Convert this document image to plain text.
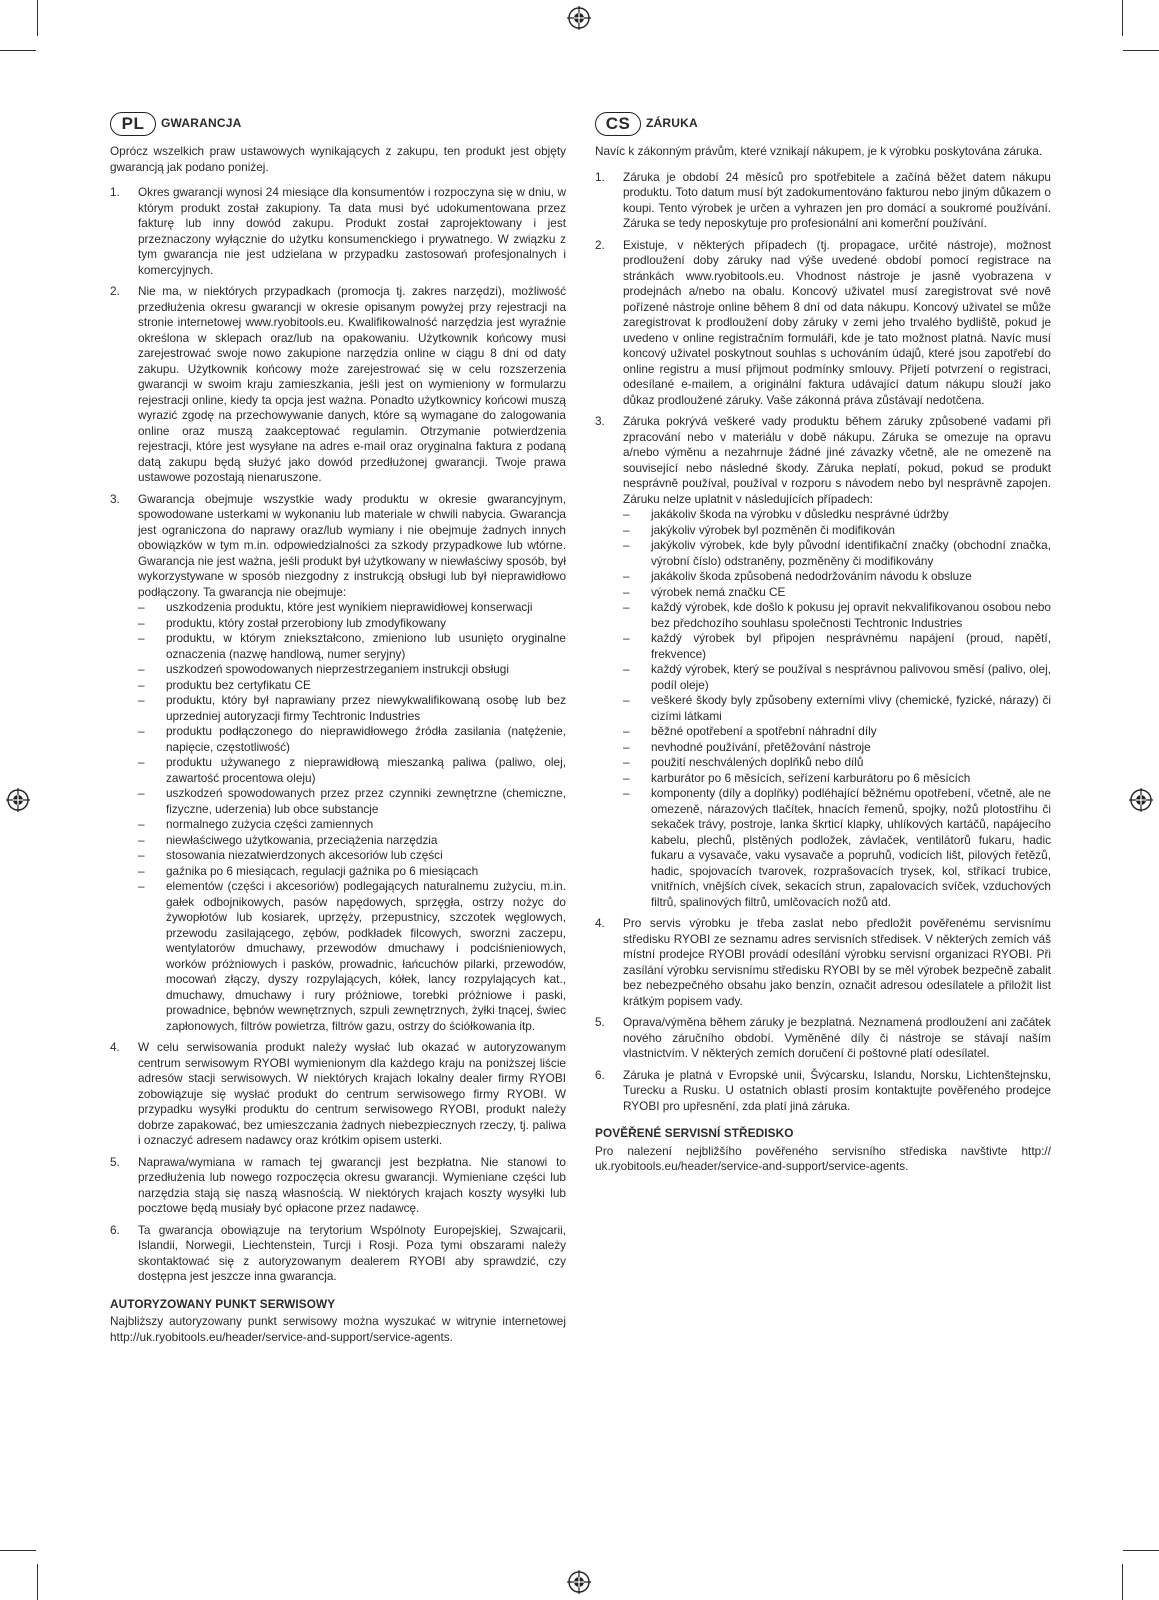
PL	GWARANCJA
Oprócz wszelkich praw ustawowych wynikających z zakupu, ten produkt jest objęty gwarancją jak podano poniżej.
1. Okres gwarancji wynosi 24 miesiące dla konsumentów i rozpoczyna się w dniu, w którym produkt został zakupiony. Ta data musi być udokumentowana przez fakturę lub inny dowód zakupu. Produkt został zaprojektowany i jest przeznaczony wyłącznie do użytku konsumenckiego i prywatnego. W związku z tym gwarancja nie jest udzielana w przypadku zastosowań profesjonalnych i komercyjnych.
2. Nie ma, w niektórych przypadkach (promocja tj. zakres narzędzi), możliwość przedłużenia okresu gwarancji w okresie opisanym powyżej przy rejestracji na stronie internetowej www.ryobitools.eu. Kwalifikowalność narzędzia jest wyraźnie określona w sklepach oraz/lub na opakowaniu. Użytkownik końcowy musi zarejestrować swoje nowo zakupione narzędzia online w ciągu 8 dni od daty zakupu. Użytkownik końcowy może zarejestrować się w celu rozszerzenia gwarancji w swoim kraju zamieszkania, jeśli jest on wymieniony w formularzu rejestracji online, kiedy ta opcja jest ważna. Ponadto użytkownicy końcowi muszą wyrazić zgodę na przechowywanie danych, które są wymagane do zalogowania online oraz muszą zaakceptować regulamin. Otrzymanie potwierdzenia rejestracji, które jest wysyłane na adres e-mail oraz oryginalna faktura z podaną datą zakupu będą służyć jako dowód przedłużonej gwarancji. Twoje prawa ustawowe pozostają nienaruszone.
3. Gwarancja obejmuje wszystkie wady produktu w okresie gwarancyjnym, spowodowane usterkami w wykonaniu lub materiale w chwili nabycia. Gwarancja jest ograniczona do naprawy oraz/lub wymiany i nie obejmuje żadnych innych obowiązków w tym m.in. odpowiedzialności za szkody przypadkowe lub wtórne. Gwarancja nie jest ważna, jeśli produkt był użytkowany w niewłaściwy sposób, był wykorzystywane w sposób niezgodny z instrukcją obsługi lub był nieprawidłowo podłączony. Ta gwarancja nie obejmuje:
– uszkodzenia produktu, które jest wynikiem nieprawidłowej konserwacji
– produktu, który został przerobiony lub zmodyfikowany
– produktu, w którym zniekształcono, zmieniono lub usunięto oryginalne oznaczenia (nazwę handlową, numer seryjny)
– uszkodzeń spowodowanych nieprzestrzeganiem instrukcji obsługi
– produktu bez certyfikatu CE
– produktu, który był naprawiany przez niewykwalifikowaną osobę lub bez uprzedniej autoryzacji firmy Techtronic Industries
– produktu podłączonego do nieprawidłowego źródła zasilania (natężenie, napięcie, częstotliwość)
– produktu używanego z nieprawidłową mieszanką paliwa (paliwo, olej, zawartość procentowa oleju)
– uszkodzeń spowodowanych przez przez czynniki zewnętrzne (chemiczne, fizyczne, uderzenia) lub obce substancje
– normalnego zużycia części zamiennych
– niewłaściwego użytkowania, przeciążenia narzędzia
– stosowania niezatwierdzonych akcesoriów lub części
– gaźnika po 6 miesiącach, regulacji gaźnika po 6 miesiącach
– elementów (części i akcesoriów) podlegających naturalnemu zużyciu, m.in. gałek odbojnikowych, pasów napędowych, sprzęgła, ostrzy nożyc do żywopłotów lub kosiarek, uprzęży, przepustnicy, szczotek węglowych, przewodu zasilającego, zębów, podkładek filcowych, sworzni zaczepu, wentylatorów dmuchawy, przewodów dmuchawy i podciśnieniowych, worków próżniowych i pasków, prowadnic, łańcuchów pilarki, przewodów, mocowań złączy, dyszy rozpylających, kółek, lancy rozpylających kat., dmuchawy, dmuchawy i rury próżniowe, torebki próżniowe i paski, prowadnice, bębnów wewnętrznych, szpuli zewnętrznych, żyłki tnącej, świec zapłonowych, filtrów powietrza, filtrów gazu, ostrzy do ściółkowania itp.
4. W celu serwisowania produkt należy wysłać lub okazać w autoryzowanym centrum serwisowym RYOBI wymienionym dla każdego kraju na poniższej liście adresów stacji serwisowych. W niektórych krajach lokalny dealer firmy RYOBI zobowiązuje się wysłać produkt do centrum serwisowego firmy RYOBI. W przypadku wysyłki produktu do centrum serwisowego RYOBI, produkt należy dobrze zapakować, bez umieszczania żadnych niebezpiecznych rzeczy, tj. paliwa i oznaczyć adresem nadawcy oraz krótkim opisem usterki.
5. Naprawa/wymiana w ramach tej gwarancji jest bezpłatna. Nie stanowi to przedłużenia lub nowego rozpoczęcia okresu gwarancji. Wymieniane części lub narzędzia stają się naszą własnością. W niektórych krajach koszty wysyłki lub pocztowe będą musiały być opłacone przez nadawcę.
6. Ta gwarancja obowiązuje na terytorium Wspólnoty Europejskiej, Szwajcarii, Islandii, Norwegii, Liechtenstein, Turcji i Rosji. Poza tymi obszarami należy skontaktować się z autoryzowanym dealerem RYOBI aby sprawdzić, czy dostępna jest jeszcze inna gwarancja.
AUTORYZOWANY PUNKT SERWISOWY
Najbliższy autoryzowany punkt serwisowy można wyszukać w witrynie internetowej http://uk.ryobitools.eu/header/service-and-support/service-agents.
CS	ZÁRUKA
Navíc k zákonným právům, které vznikají nákupem, je k výrobku poskytována záruka.
1. Záruka je období 24 měsíců pro spotřebitele a začíná běžet datem nákupu produktu. Toto datum musí být zadokumentováno fakturou nebo jiným důkazem o koupi. Tento výrobek je určen a vyhrazen jen pro domácí a soukromé používání. Záruka se tedy neposkytuje pro profesionální ani komerční používání.
2. Existuje, v některých případech (tj. propagace, určité nástroje), možnost prodloužení doby záruky nad výše uvedené období pomocí registrace na stránkách www.ryobitools.eu. Vhodnost nástroje je jasně vyobrazena v prodejnách a/nebo na obalu. Koncový uživatel musí zaregistrovat své nově pořízené nástroje online během 8 dní od data nákupu. Koncový uživatel se může zaregistrovat k prodloužení doby záruky v zemi jeho trvalého bydliště, pokud je uvedeno v online registračním formuláři, kde je tato možnost platná. Navíc musí koncový uživatel poskytnout souhlas s uchováním údajů, které jsou zapotřebí do online registru a musí přijmout podmínky smlouvy. Přijetí potvrzení o registraci, odesílané e-mailem, a originální faktura udávající datum nákupu slouží jako důkaz prodloužené záruky. Vaše zákonná práva zůstávají nedotčena.
3. Záruka pokrývá veškeré vady produktu během záruky způsobené vadami při zpracování nebo v materiálu v době nákupu. Záruka se omezuje na opravu a/nebo výměnu a nezahrnuje žádné jiné závazky včetně, ale ne omezeně na související nebo následné škody. Záruka neplatí, pokud, pokud se produkt nesprávně používal, používal v rozporu s návodem nebo byl nesprávně zapojen. Záruku nelze uplatnit v následujících případech:
– jakákoliv škoda na výrobku v důsledku nesprávné údržby
– jakýkoliv výrobek byl pozměněn či modifikován
– jakýkoliv výrobek, kde byly původní identifikační značky (obchodní značka, výrobní číslo) odstraněny, pozměněny či modifikovány
– jakákoliv škoda způsobená nedodržováním návodu k obsluze
– výrobek nemá značku CE
– každý výrobek, kde došlo k pokusu jej opravit nekvalifikovanou osobou nebo bez předchozího souhlasu společnosti Techtronic Industries
– každý výrobek byl připojen nesprávnému napájení (proud, napětí, frekvence)
– každý výrobek, který se používal s nesprávnou palivovou směsí (palivo, olej, podíl oleje)
– veškeré škody byly způsobeny externími vlivy (chemické, fyzické, nárazy) či cizími látkami
– běžné opotřebení a spotřební náhradní díly
– nevhodné používání, přetěžování nástroje
– použití neschválených doplňků nebo dílů
– karburátor po 6 měsících, seřízení karburátoru po 6 měsících
– komponenty (díly a doplňky) podléhající běžnému opotřebení, včetně, ale ne omezeně, nárazových tlačítek, hnacích řemenů, spojky, nožů plotostřihu či sekaček trávy, postroje, lanka škrticí klapky, uhlíkových kartáčů, napájecího kabelu, plechů, plstěných podložek, závlaček, ventilátorů fukaru, hadic fukaru a vysavače, vaku vysavače a popruhů, vodicích lišt, pilových řetězů, hadic, spojovacích tvarovek, rozprašovacích trysek, kol, stříkací trubice, vnitřních, vnějších cívek, sekacích strun, zapalovacích svíček, vzduchových filtrů, spalinových filtrů, umlčovacích nožů atd.
4. Pro servis výrobku je třeba zaslat nebo předložit pověřenému servisnímu středisku RYOBI ze seznamu adres servisních středisek. V některých zemích váš místní prodejce RYOBI provádí odesílání výrobku servisní organizaci RYOBI. Při zasílání výrobku servisnímu středisku RYOBI by se měl výrobek bezpečně zabalit bez nebezpečného obsahu jako benzín, označit adresou odesílatele a přiložit list krátkým popisem vady.
5. Oprava/výměna během záruky je bezplatná. Neznamená prodloužení ani začátek nového záručního období. Vyměněné díly či nástroje se stávají naším vlastnictvím. V některých zemích doručení či poštovné platí odesílatel.
6. Záruka je platná v Evropské unii, Švýcarsku, Islandu, Norsku, Lichtenštejnsku, Turecku a Rusku. U ostatních oblastí prosím kontaktujte pověřeného prodejce RYOBI pro upřesnění, zda platí jiná záruka.
POVĚŘENÉ SERVISNÍ STŘEDISKO
Pro nalezení nejbližšího pověřeného servisního střediska navštivte http:// uk.ryobitools.eu/header/service-and-support/service-agents.
